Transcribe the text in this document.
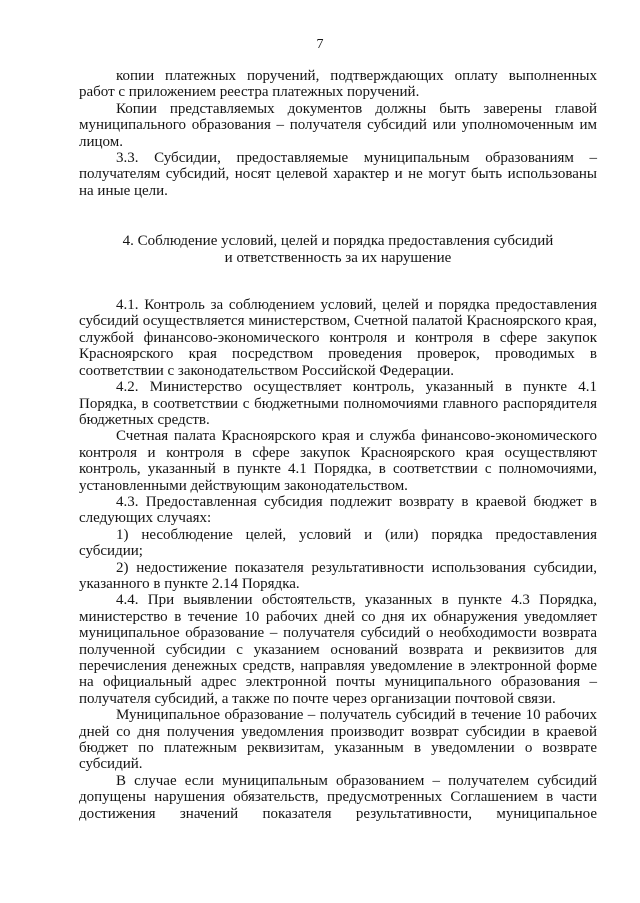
7

копии платежных поручений, подтверждающих оплату выполненных работ с приложением реестра платежных поручений.

Копии представляемых документов должны быть заверены главой муниципального образования – получателя субсидий или уполномоченным им лицом.

3.3. Субсидии, предоставляемые муниципальным образованиям – получателям субсидий, носят целевой характер и не могут быть использованы на иные цели.

4. Соблюдение условий, целей и порядка предоставления субсидий
и ответственность за их нарушение

4.1. Контроль за соблюдением условий, целей и порядка предоставления субсидий осуществляется министерством, Счетной палатой Красноярского края, службой финансово-экономического контроля и контроля в сфере закупок Красноярского края посредством проведения проверок, проводимых в соответствии с законодательством Российской Федерации.

4.2. Министерство осуществляет контроль, указанный в пункте 4.1 Порядка, в соответствии с бюджетными полномочиями главного распорядителя бюджетных средств.

Счетная палата Красноярского края и служба финансово-экономического контроля и контроля в сфере закупок Красноярского края осуществляют контроль, указанный в пункте 4.1 Порядка, в соответствии с полномочиями, установленными действующим законодательством.

4.3. Предоставленная субсидия подлежит возврату в краевой бюджет в следующих случаях:

1) несоблюдение целей, условий и (или) порядка предоставления субсидии;

2) недостижение показателя результативности использования субсидии, указанного в пункте 2.14 Порядка.

4.4. При выявлении обстоятельств, указанных в пункте 4.3 Порядка, министерство в течение 10 рабочих дней со дня их обнаружения уведомляет муниципальное образование – получателя субсидий о необходимости возврата полученной субсидии с указанием оснований возврата и реквизитов для перечисления денежных средств, направляя уведомление в электронной форме на официальный адрес электронной почты муниципального образования – получателя субсидий, а также по почте через организации почтовой связи.

Муниципальное образование – получатель субсидий в течение 10 рабочих дней со дня получения уведомления производит возврат субсидии в краевой бюджет по платежным реквизитам, указанным в уведомлении о возврате субсидий.

В случае если муниципальным образованием – получателем субсидий допущены нарушения обязательств, предусмотренных Соглашением в части достижения значений показателя результативности, муниципальное
